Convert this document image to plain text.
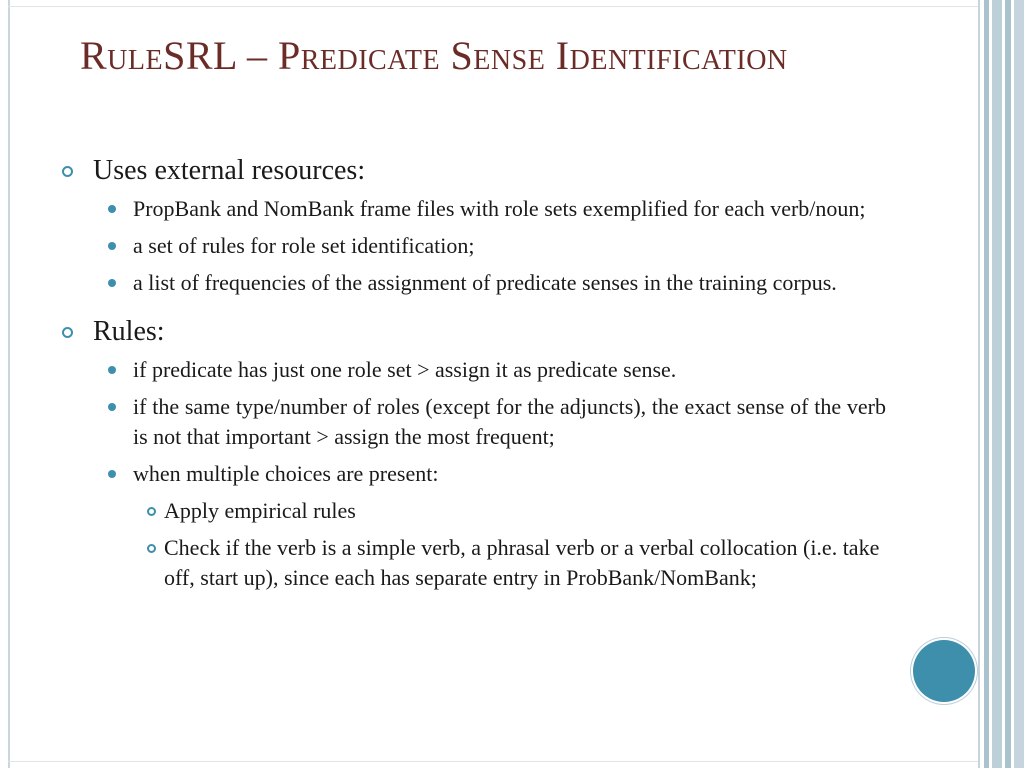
RuleSRL – Predicate Sense Identification
Uses external resources:
PropBank and NomBank frame files with role sets exemplified for each verb/noun;
a set of rules for role set identification;
a list of frequencies of the assignment of predicate senses in the training corpus.
Rules:
if predicate has just one role set > assign it as predicate sense.
if the same type/number of roles (except for the adjuncts), the exact sense of the verb is not that important > assign the most frequent;
when multiple choices are present:
Apply empirical rules
Check if the verb is a simple verb, a phrasal verb or a verbal collocation (i.e. take off, start up), since each has separate entry in ProbBank/NomBank;
